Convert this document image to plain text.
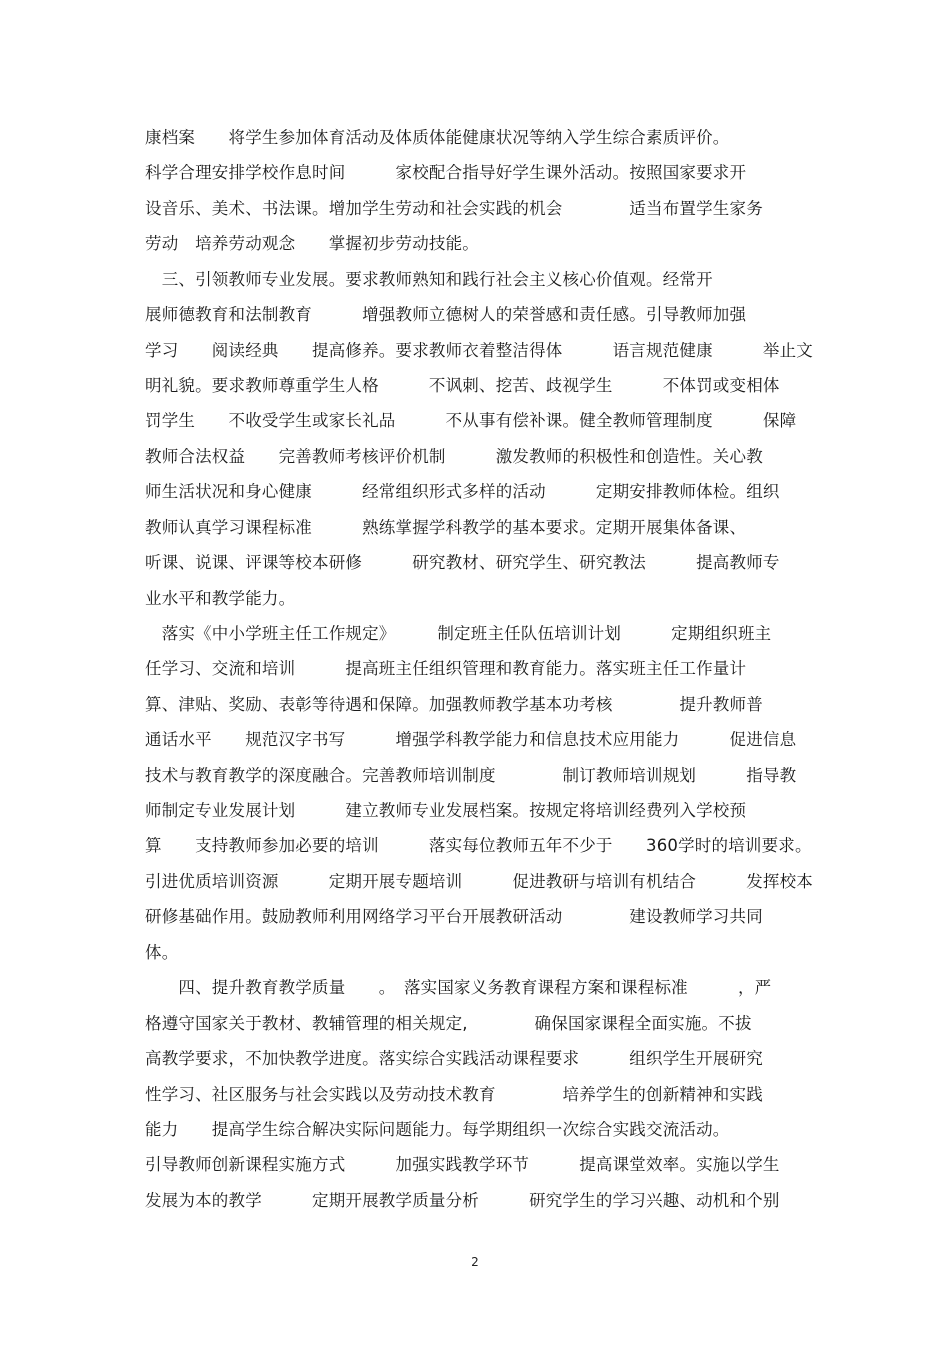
康档案　　将学生参加体育活动及体质体能健康状况等纳入学生综合素质评价。
科学合理安排学校作息时间　　　家校配合指导好学生课外活动。按照国家要求开
设音乐、美术、书法课。增加学生劳动和社会实践的机会　　　　适当布置学生家务
劳动　培养劳动观念　　掌握初步劳动技能。
　三、引领教师专业发展。要求教师熟知和践行社会主义核心价值观。经常开
展师德教育和法制教育　　　增强教师立德树人的荣誉感和责任感。引导教师加强
学习　　阅读经典　　提高修养。要求教师衣着整洁得体　　　语言规范健康　　　举止文
明礼貌。要求教师尊重学生人格　　　不讽刺、挖苦、歧视学生　　　不体罚或变相体
罚学生　　不收受学生或家长礼品　　　不从事有偿补课。健全教师管理制度　　　保障
教师合法权益　　完善教师考核评价机制　　　激发教师的积极性和创造性。关心教
师生活状况和身心健康　　　经常组织形式多样的活动　　　定期安排教师体检。组织
教师认真学习课程标准　　　熟练掌握学科教学的基本要求。定期开展集体备课、
听课、说课、评课等校本研修　　　研究教材、研究学生、研究教法　　　提高教师专
业水平和教学能力。
　落实《中小学班主任工作规定》　　　制定班主任队伍培训计划　　　定期组织班主
任学习、交流和培训　　　提高班主任组织管理和教育能力。落实班主任工作量计
算、津贴、奖励、表彰等待遇和保障。加强教师教学基本功考核　　　　提升教师普
通话水平　　规范汉字书写　　　增强学科教学能力和信息技术应用能力　　　促进信息
技术与教育教学的深度融合。完善教师培训制度　　　　制订教师培训规划　　　指导教
师制定专业发展计划　　　建立教师专业发展档案。按规定将培训经费列入学校预
算　　支持教师参加必要的培训　　　落实每位教师五年不少于　　360学时的培训要求。
引进优质培训资源　　　定期开展专题培训　　　促进教研与培训有机结合　　　发挥校本
研修基础作用。鼓励教师利用网络学习平台开展教研活动　　　　建设教师学习共同
体。
　　四、提升教育教学质量　　。　落实国家义务教育课程方案和课程标准　　　，严
格遵守国家关于教材、教辅管理的相关规定,　　　　确保国家课程全面实施。不拔
高教学要求，不加快教学进度。落实综合实践活动课程要求　　　组织学生开展研究
性学习、社区服务与社会实践以及劳动技术教育　　　　培养学生的创新精神和实践
能力　　提高学生综合解决实际问题能力。每学期组织一次综合实践交流活动。
引导教师创新课程实施方式　　　加强实践教学环节　　　提高课堂效率。实施以学生
发展为本的教学　　　定期开展教学质量分析　　　研究学生的学习兴趣、动机和个别
2
